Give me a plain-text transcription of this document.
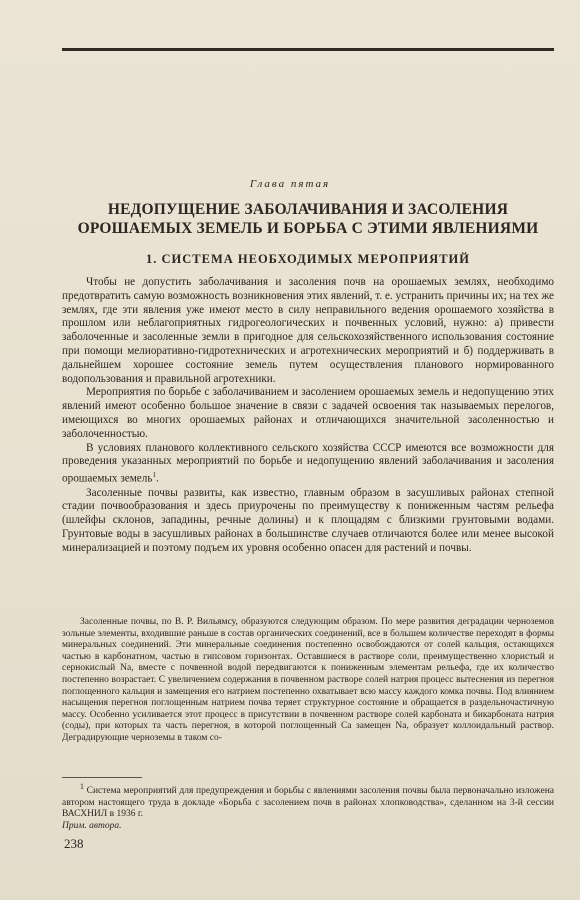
Глава пятая

НЕДОПУЩЕНИЕ ЗАБОЛАЧИВАНИЯ И ЗАСОЛЕНИЯ ОРОШАЕМЫХ ЗЕМЕЛЬ И БОРЬБА С ЭТИМИ ЯВЛЕНИЯМИ
1. СИСТЕМА НЕОБХОДИМЫХ МЕРОПРИЯТИЙ

Чтобы не допустить заболачивания и засоления почв на орошаемых землях, необходимо предотвратить самую возможность возникновения этих явлений, т. е. устранить причины их; на тех же землях, где эти явления уже имеют место в силу неправильного ведения орошаемого хозяйства в прошлом или неблагоприятных гидрогеологических и почвенных условий, нужно: а) привести заболоченные и засоленные земли в пригодное для сельскохозяйственного использования состояние при помощи мелиоративно-гидротехнических и агротехнических мероприятий и б) поддерживать в дальнейшем хорошее состояние земель путем осуществления планового нормированного водопользования и правильной агротехники.

Мероприятия по борьбе с заболачиванием и засолением орошаемых земель и недопущению этих явлений имеют особенно большое значение в связи с задачей освоения так называемых перелогов, имеющихся во многих орошаемых районах и отличающихся значительной засоленностью и заболоченностью.

В условиях планового коллективного сельского хозяйства СССР имеются все возможности для проведения указанных мероприятий по борьбе и недопущению явлений заболачивания и засоления орошаемых земель$^1$.

Засоленные почвы развиты, как известно, главным образом в засушливых районах степной стадии почвообразования и здесь приурочены по преимуществу к пониженным частям рельефа (шлейфы склонов, западины, речные долины) и к площадям с близкими грунтовыми водами. Грунтовые воды в засушливых районах в большинстве случаев отличаются более или менее высокой минерализацией и поэтому подъем их уровня особенно опасен для растений и почвы.

Засоленные почвы, по В. Р. Вильямсу, образуются следующим образом. По мере развития деградации черноземов зольные элементы, входившие раньше в состав органических соединений, все в большем количестве переходят в формы минеральных соединений. Эти минеральные соединения постепенно освобождаются от солей кальция, остающихся частью в карбонатном, частью в гипсовом горизонтах. Оставшиеся в растворе соли, преимущественно хлористый и сернокислый Na, вместе с почвенной водой передвигаются к пониженным элементам рельефа, где их количество постепенно возрастает. С увеличением содержания в почвенном растворе солей натрия процесс вытеснения из перегноя поглощенного кальция и замещения его натрием постепенно охватывает всю массу каждого комка почвы. Под влиянием насыщения перегноя поглощенным натрием почва теряет структурное состояние и обращается в раздельночастичную массу. Особенно усиливается этот процесс в присутствии в почвенном растворе солей карбоната и бикарбоната натрия (соды), при которых та часть перегноя, в которой поглощенный Са замещен Na, образует коллоидальный раствор. Деградирующие черноземы в таком со-

$^1$ Система мероприятий для предупреждения и борьбы с явлениями засоления почвы была первоначально изложена автором настоящего труда в докладе «Борьба с засолением почв в районах хлопководства», сделанном на 3-й сессии ВАСХНИЛ в 1936 г.
Прим. автора.

238
